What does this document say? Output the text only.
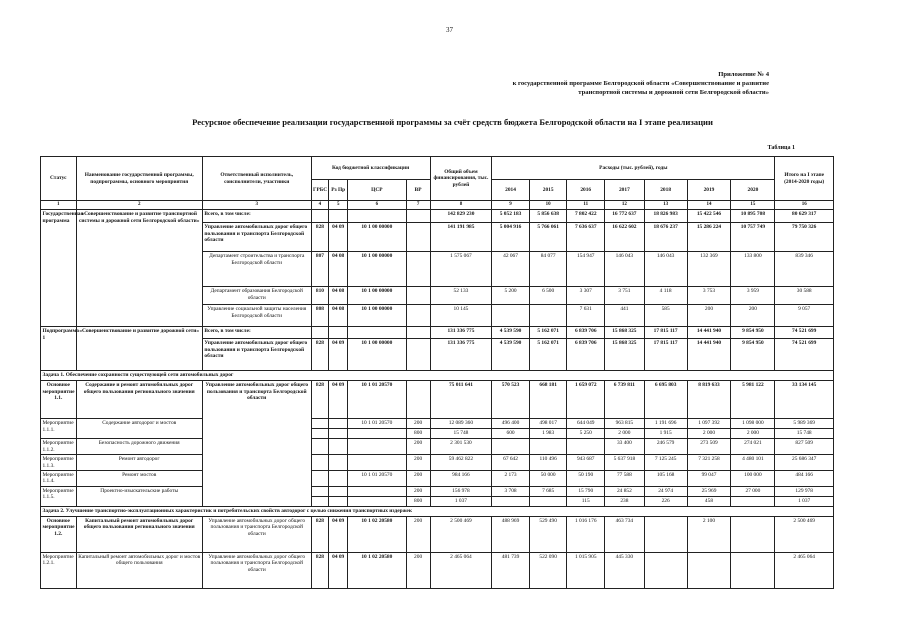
37
Приложение № 4
к государственной программе Белгородской области «Совершенствование и развитие
транспортной системы и дорожной сети Белгородской области»
Ресурсное обеспечение реализации государственной программы за счёт средств бюджета Белгородской области на I этапе реализации
Таблица 1
Статус	Наименование государственной программы, подпрограммы, основного мероприятия	Ответственный исполнитель, соисполнители, участники	Код бюджетной классификации				Общий объем финансирования, тыс. рублей	Расходы (тыс. рублей), годы							Итого на I этапе (2014-2020 годы)
			ГРБС	Рз Пр	ЦСР	ВР		2014	2015	2016	2017	2018	2019	2020	
1	2	3	4	5	6	7	8	9	10	11	12	13	14	15	16
Государственная программа	«Совершенствование и развитие транспортной системы и дорожной сети Белгородской области»	Всего, в том числе:					142 829 230	5 052 183	5 856 638	7 802 422	16 772 637	18 826 983	15 422 546	10 895 708	80 629 317
		Управление автомобильных дорог общего пользования и транспорта Белгородской области	828	04 09	10 1 00 00000		141 191 985	5 004 916	5 766 061	7 636 637	16 622 602	18 676 237	15 286 224	10 757 749	79 750 326
		Департамент строительства и транспорта Белгородской области	807	04 08	10 1 00 00000		1 575 067	42 067	84 077	154 947	146 043	146 043	132 369	133 800	839 346
		Департамент образования Белгородской области	810	04 08	10 1 00 00000		52 133	5 200	6 500	3 307	3 751	4 118	3 753	3 959	30 588
		Управление социальной защиты населения Белгородской области	808	04 08	10 1 00 00000		10 145			7 631	441	585	200	200	9 057
Подпрограмма 1	«Совершенствование и развитие дорожной сети»	Всего, в том числе:					131 336 775	4 539 590	5 162 071	6 839 706	15 868 325	17 815 117	14 441 940	9 854 950	74 521 699
		Управление автомобильных дорог общего пользования и транспорта Белгородской области	828	04 09	10 1 00 00000		131 336 775	4 539 590	5 162 071	6 839 706	15 868 325	17 815 117	14 441 940	9 854 950	74 521 699
Задача 1. Обеспечение сохранности существующей сети автомобильных дорог															
Основное мероприятие 1.1.	Содержание и ремонт автомобильных дорог общего пользования регионального значения	Управление автомобильных дорог общего пользования и транспорта Белгородской области	828	04 09	10 1 01 20570		75 011 641	570 523	668 181	1 659 072	6 739 811	6 695 803	8 819 633	5 981 122	33 134 145
Мероприятие 1.1.1.	Содержание автодорог и мостов				10 1 01 20570	200	12 089 360	496 400	498 017	644 049	963 815	1 191 696	1 097 392	1 098 000	5 989 369
						800	15 748	600	1 983	5 250	2 000	1 915	2 000	2 000	15 748
Мероприятие 1.1.2.	Безопасность дорожного движения					200	2 301 530				33 400	246 579	273 509	274 021	827 509
Мероприятие 1.1.3.	Ремонт автодорог					200	59 462 822	67 642	110 496	943 687	5 637 918	7 125 245	7 321 258	4 480 101	25 686 347
Мероприятие 1.1.4.	Ремонт мостов				10 1 01 20570	200	984 166	2 173	50 000	50 190	77 588	105 168	99 047	100 000	484 166
Мероприятие 1.1.5.	Проектно-изыскательские работы					200	156 978	3 708	7 685	15 790	24 852	24 974	25 969	27 000	129 978
						800	1 037			115	238	226	458		1 037
Задача 2. Улучшение транспортно-эксплуатационных характеристик и потребительских свойств автодорог с целью снижения транспортных издержек															
Основное мероприятие 1.2.	Капитальный ремонт автомобильных дорог общего пользования регионального значения	Управление автомобильных дорог общего пользования и транспорта Белгородской области	828	04 09	10 1 02 20580	200	2 500 469	488 969	529 490	1 016 176	463 734		2 100		2 500 469
Мероприятие 1.2.1.	Капитальный ремонт автомобильных дорог и мостов общего пользования	Управление автомобильных дорог общего пользования и транспорта Белгородской области	828	04 09	10 1 02 20580	200	2 465 064	481 739	522 090	1 015 905	445 330				2 465 064
